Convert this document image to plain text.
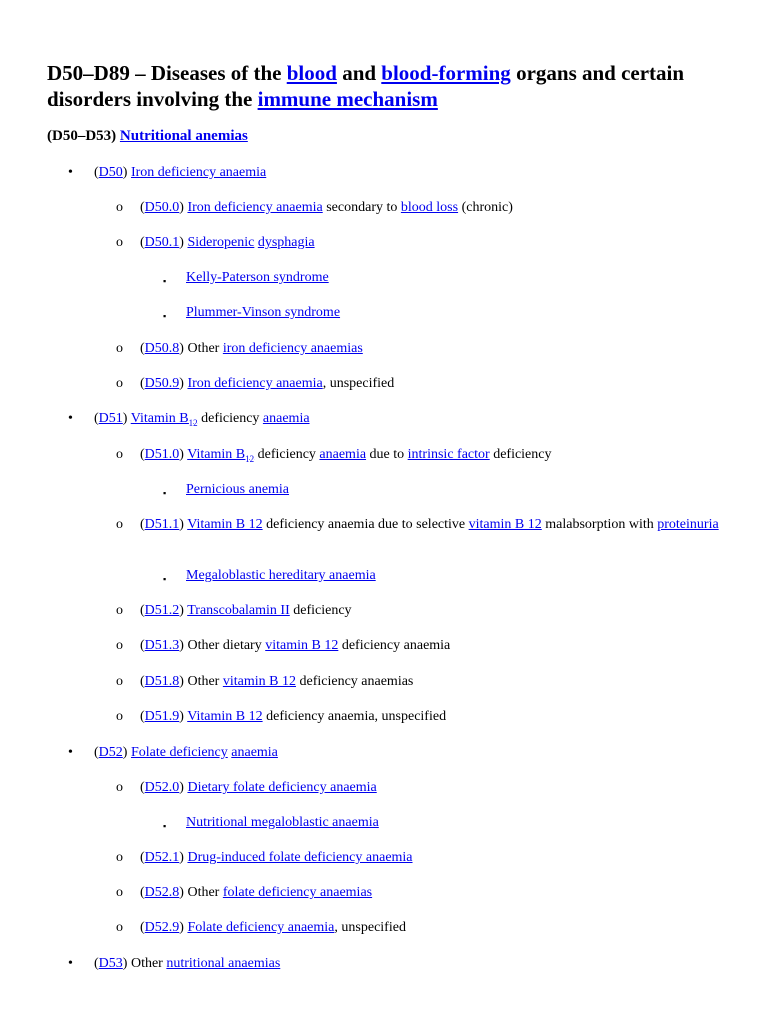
D50–D89 – Diseases of the blood and blood-forming organs and certain disorders involving the immune mechanism
(D50–D53) Nutritional anemias
• (D50) Iron deficiency anaemia
o (D50.0) Iron deficiency anaemia secondary to blood loss (chronic)
o (D50.1) Sideropenic dysphagia
▪ Kelly-Paterson syndrome
▪ Plummer-Vinson syndrome
o (D50.8) Other iron deficiency anaemias
o (D50.9) Iron deficiency anaemia, unspecified
• (D51) Vitamin $B_{12}$ deficiency anaemia
o (D51.0) Vitamin $B_{12}$ deficiency anaemia due to intrinsic factor deficiency
▪ Pernicious anemia
o (D51.1) Vitamin B 12 deficiency anaemia due to selective vitamin B 12 malabsorption with proteinuria
▪ Megaloblastic hereditary anaemia
o (D51.2) Transcobalamin II deficiency
o (D51.3) Other dietary vitamin B 12 deficiency anaemia
o (D51.8) Other vitamin B 12 deficiency anaemias
o (D51.9) Vitamin B 12 deficiency anaemia, unspecified
• (D52) Folate deficiency anaemia
o (D52.0) Dietary folate deficiency anaemia
▪ Nutritional megaloblastic anaemia
o (D52.1) Drug-induced folate deficiency anaemia
o (D52.8) Other folate deficiency anaemias
o (D52.9) Folate deficiency anaemia, unspecified
• (D53) Other nutritional anaemias
